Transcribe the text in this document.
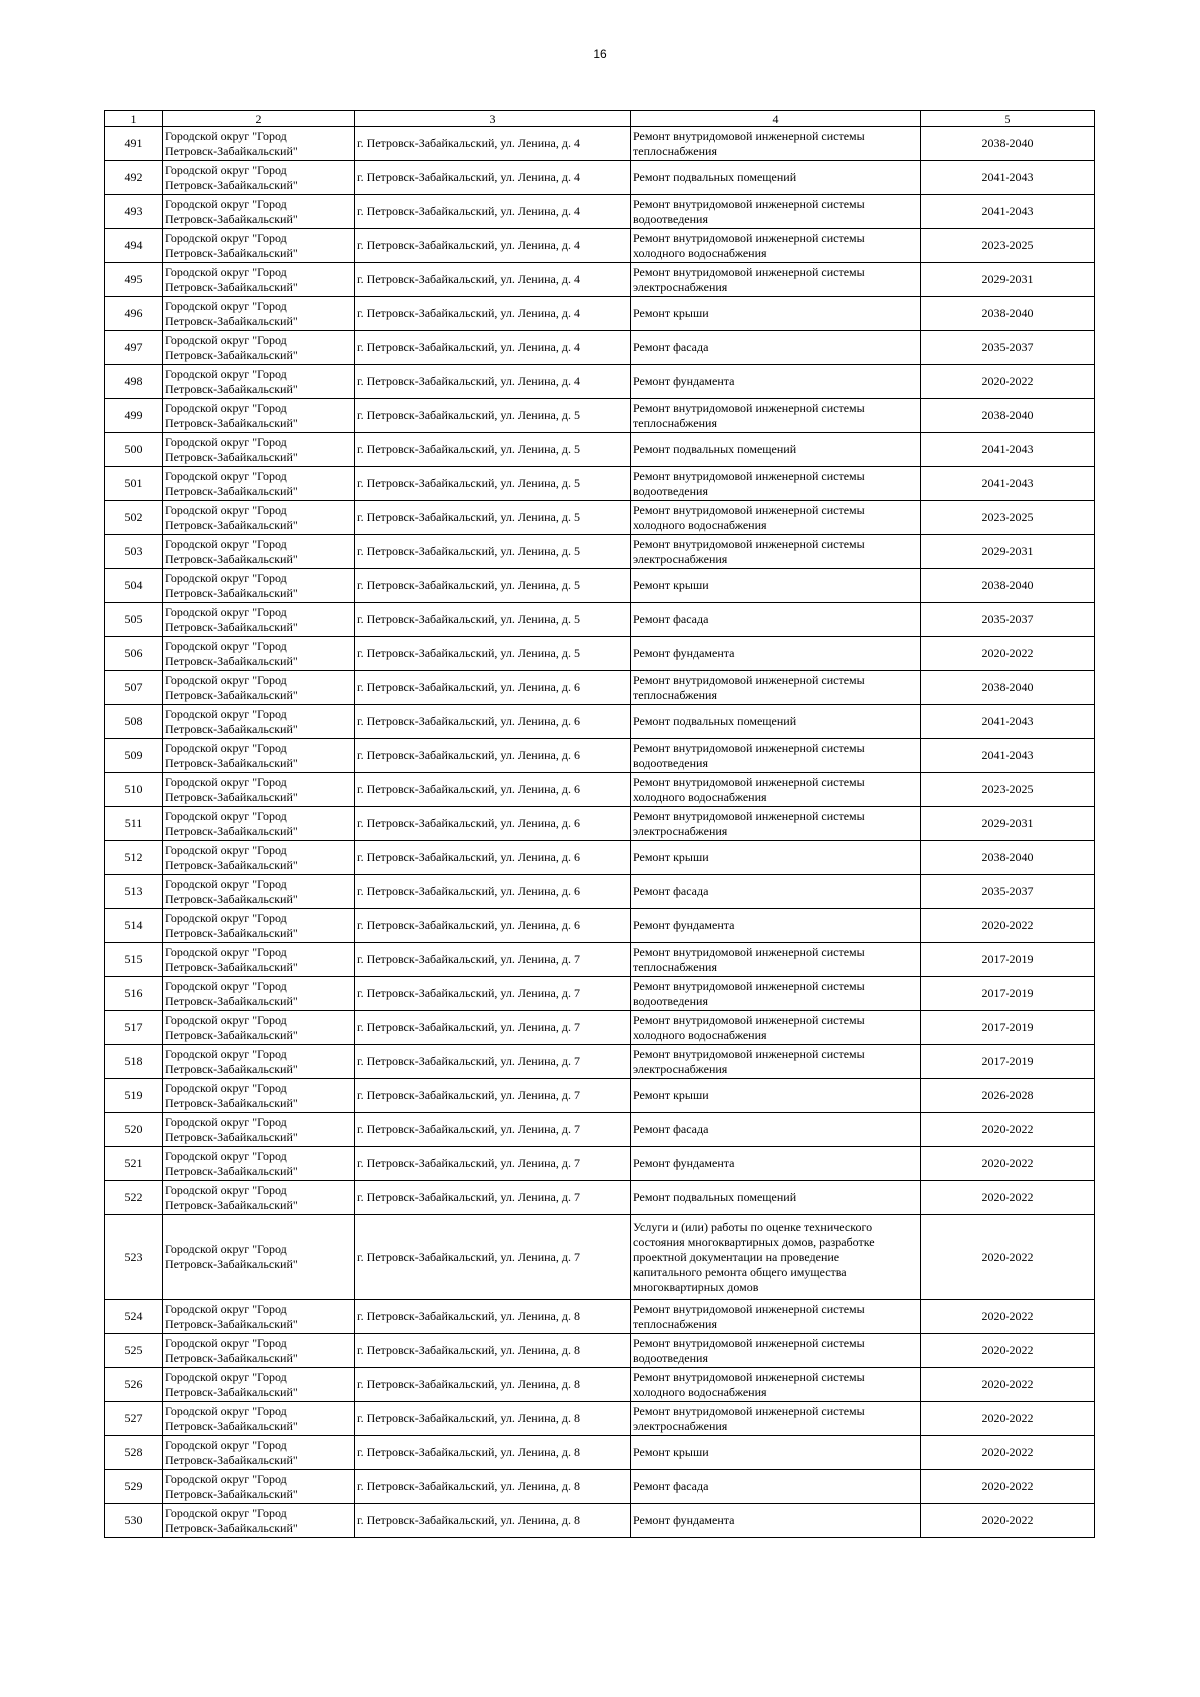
16
1	2	3	4	5
491	Городской округ "Город
Петровск-Забайкальский"	г. Петровск-Забайкальский, ул. Ленина, д. 4	Ремонт внутридомовой инженерной системы
теплоснабжения	2038-2040
492	Городской округ "Город
Петровск-Забайкальский"	г. Петровск-Забайкальский, ул. Ленина, д. 4	Ремонт подвальных помещений	2041-2043
493	Городской округ "Город
Петровск-Забайкальский"	г. Петровск-Забайкальский, ул. Ленина, д. 4	Ремонт внутридомовой инженерной системы
водоотведения	2041-2043
494	Городской округ "Город
Петровск-Забайкальский"	г. Петровск-Забайкальский, ул. Ленина, д. 4	Ремонт внутридомовой инженерной системы
холодного водоснабжения	2023-2025
495	Городской округ "Город
Петровск-Забайкальский"	г. Петровск-Забайкальский, ул. Ленина, д. 4	Ремонт внутридомовой инженерной системы
электроснабжения	2029-2031
496	Городской округ "Город
Петровск-Забайкальский"	г. Петровск-Забайкальский, ул. Ленина, д. 4	Ремонт крыши	2038-2040
497	Городской округ "Город
Петровск-Забайкальский"	г. Петровск-Забайкальский, ул. Ленина, д. 4	Ремонт фасада	2035-2037
498	Городской округ "Город
Петровск-Забайкальский"	г. Петровск-Забайкальский, ул. Ленина, д. 4	Ремонт фундамента	2020-2022
499	Городской округ "Город
Петровск-Забайкальский"	г. Петровск-Забайкальский, ул. Ленина, д. 5	Ремонт внутридомовой инженерной системы
теплоснабжения	2038-2040
500	Городской округ "Город
Петровск-Забайкальский"	г. Петровск-Забайкальский, ул. Ленина, д. 5	Ремонт подвальных помещений	2041-2043
501	Городской округ "Город
Петровск-Забайкальский"	г. Петровск-Забайкальский, ул. Ленина, д. 5	Ремонт внутридомовой инженерной системы
водоотведения	2041-2043
502	Городской округ "Город
Петровск-Забайкальский"	г. Петровск-Забайкальский, ул. Ленина, д. 5	Ремонт внутридомовой инженерной системы
холодного водоснабжения	2023-2025
503	Городской округ "Город
Петровск-Забайкальский"	г. Петровск-Забайкальский, ул. Ленина, д. 5	Ремонт внутридомовой инженерной системы
электроснабжения	2029-2031
504	Городской округ "Город
Петровск-Забайкальский"	г. Петровск-Забайкальский, ул. Ленина, д. 5	Ремонт крыши	2038-2040
505	Городской округ "Город
Петровск-Забайкальский"	г. Петровск-Забайкальский, ул. Ленина, д. 5	Ремонт фасада	2035-2037
506	Городской округ "Город
Петровск-Забайкальский"	г. Петровск-Забайкальский, ул. Ленина, д. 5	Ремонт фундамента	2020-2022
507	Городской округ "Город
Петровск-Забайкальский"	г. Петровск-Забайкальский, ул. Ленина, д. 6	Ремонт внутридомовой инженерной системы
теплоснабжения	2038-2040
508	Городской округ "Город
Петровск-Забайкальский"	г. Петровск-Забайкальский, ул. Ленина, д. 6	Ремонт подвальных помещений	2041-2043
509	Городской округ "Город
Петровск-Забайкальский"	г. Петровск-Забайкальский, ул. Ленина, д. 6	Ремонт внутридомовой инженерной системы
водоотведения	2041-2043
510	Городской округ "Город
Петровск-Забайкальский"	г. Петровск-Забайкальский, ул. Ленина, д. 6	Ремонт внутридомовой инженерной системы
холодного водоснабжения	2023-2025
511	Городской округ "Город
Петровск-Забайкальский"	г. Петровск-Забайкальский, ул. Ленина, д. 6	Ремонт внутридомовой инженерной системы
электроснабжения	2029-2031
512	Городской округ "Город
Петровск-Забайкальский"	г. Петровск-Забайкальский, ул. Ленина, д. 6	Ремонт крыши	2038-2040
513	Городской округ "Город
Петровск-Забайкальский"	г. Петровск-Забайкальский, ул. Ленина, д. 6	Ремонт фасада	2035-2037
514	Городской округ "Город
Петровск-Забайкальский"	г. Петровск-Забайкальский, ул. Ленина, д. 6	Ремонт фундамента	2020-2022
515	Городской округ "Город
Петровск-Забайкальский"	г. Петровск-Забайкальский, ул. Ленина, д. 7	Ремонт внутридомовой инженерной системы
теплоснабжения	2017-2019
516	Городской округ "Город
Петровск-Забайкальский"	г. Петровск-Забайкальский, ул. Ленина, д. 7	Ремонт внутридомовой инженерной системы
водоотведения	2017-2019
517	Городской округ "Город
Петровск-Забайкальский"	г. Петровск-Забайкальский, ул. Ленина, д. 7	Ремонт внутридомовой инженерной системы
холодного водоснабжения	2017-2019
518	Городской округ "Город
Петровск-Забайкальский"	г. Петровск-Забайкальский, ул. Ленина, д. 7	Ремонт внутридомовой инженерной системы
электроснабжения	2017-2019
519	Городской округ "Город
Петровск-Забайкальский"	г. Петровск-Забайкальский, ул. Ленина, д. 7	Ремонт крыши	2026-2028
520	Городской округ "Город
Петровск-Забайкальский"	г. Петровск-Забайкальский, ул. Ленина, д. 7	Ремонт фасада	2020-2022
521	Городской округ "Город
Петровск-Забайкальский"	г. Петровск-Забайкальский, ул. Ленина, д. 7	Ремонт фундамента	2020-2022
522	Городской округ "Город
Петровск-Забайкальский"	г. Петровск-Забайкальский, ул. Ленина, д. 7	Ремонт подвальных помещений	2020-2022
523	Городской округ "Город
Петровск-Забайкальский"	г. Петровск-Забайкальский, ул. Ленина, д. 7	Услуги и (или) работы по оценке технического
состояния многоквартирных домов, разработке
проектной документации на проведение
капитального ремонта общего имущества
многоквартирных домов	2020-2022
524	Городской округ "Город
Петровск-Забайкальский"	г. Петровск-Забайкальский, ул. Ленина, д. 8	Ремонт внутридомовой инженерной системы
теплоснабжения	2020-2022
525	Городской округ "Город
Петровск-Забайкальский"	г. Петровск-Забайкальский, ул. Ленина, д. 8	Ремонт внутридомовой инженерной системы
водоотведения	2020-2022
526	Городской округ "Город
Петровск-Забайкальский"	г. Петровск-Забайкальский, ул. Ленина, д. 8	Ремонт внутридомовой инженерной системы
холодного водоснабжения	2020-2022
527	Городской округ "Город
Петровск-Забайкальский"	г. Петровск-Забайкальский, ул. Ленина, д. 8	Ремонт внутридомовой инженерной системы
электроснабжения	2020-2022
528	Городской округ "Город
Петровск-Забайкальский"	г. Петровск-Забайкальский, ул. Ленина, д. 8	Ремонт крыши	2020-2022
529	Городской округ "Город
Петровск-Забайкальский"	г. Петровск-Забайкальский, ул. Ленина, д. 8	Ремонт фасада	2020-2022
530	Городской округ "Город
Петровск-Забайкальский"	г. Петровск-Забайкальский, ул. Ленина, д. 8	Ремонт фундамента	2020-2022
